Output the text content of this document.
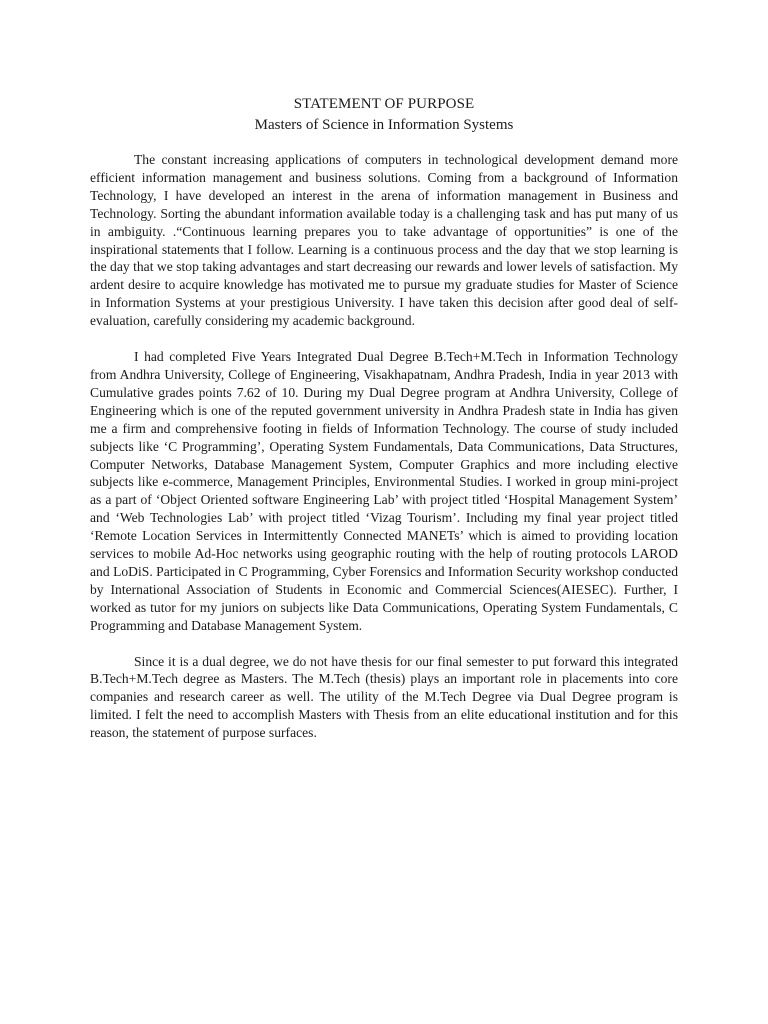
STATEMENT OF PURPOSE
Masters of Science in Information Systems

The constant increasing applications of computers in technological development demand more efficient information management and business solutions. Coming from a background of Information Technology, I have developed an interest in the arena of information management in Business and Technology. Sorting the abundant information available today is a challenging task and has put many of us in ambiguity. .“Continuous learning prepares you to take advantage of opportunities” is one of the inspirational statements that I follow. Learning is a continuous process and the day that we stop learning is the day that we stop taking advantages and start decreasing our rewards and lower levels of satisfaction. My ardent desire to acquire knowledge has motivated me to pursue my graduate studies for Master of Science in Information Systems at your prestigious University. I have taken this decision after good deal of self-evaluation, carefully considering my academic background.

I had completed Five Years Integrated Dual Degree B.Tech+M.Tech in Information Technology from Andhra University, College of Engineering, Visakhapatnam, Andhra Pradesh, India in year 2013 with Cumulative grades points 7.62 of 10. During my Dual Degree program at Andhra University, College of Engineering which is one of the reputed government university in Andhra Pradesh state in India has given me a firm and comprehensive footing in fields of Information Technology. The course of study included subjects like ‘C Programming’, Operating System Fundamentals, Data Communications, Data Structures, Computer Networks, Database Management System, Computer Graphics and more including elective subjects like e-commerce, Management Principles, Environmental Studies. I worked in group mini-project as a part of ‘Object Oriented software Engineering Lab’ with project titled ‘Hospital Management System’ and ‘Web Technologies Lab’ with project titled ‘Vizag Tourism’. Including my final year project titled ‘Remote Location Services in Intermittently Connected MANETs’ which is aimed to providing location services to mobile Ad-Hoc networks using geographic routing with the help of routing protocols LAROD and LoDiS. Participated in C Programming, Cyber Forensics and Information Security workshop conducted by International Association of Students in Economic and Commercial Sciences(AIESEC). Further, I worked as tutor for my juniors on subjects like Data Communications, Operating System Fundamentals, C Programming and Database Management System.

Since it is a dual degree, we do not have thesis for our final semester to put forward this integrated B.Tech+M.Tech degree as Masters. The M.Tech (thesis) plays an important role in placements into core companies and research career as well. The utility of the M.Tech Degree via Dual Degree program is limited. I felt the need to accomplish Masters with Thesis from an elite educational institution and for this reason, the statement of purpose surfaces.
